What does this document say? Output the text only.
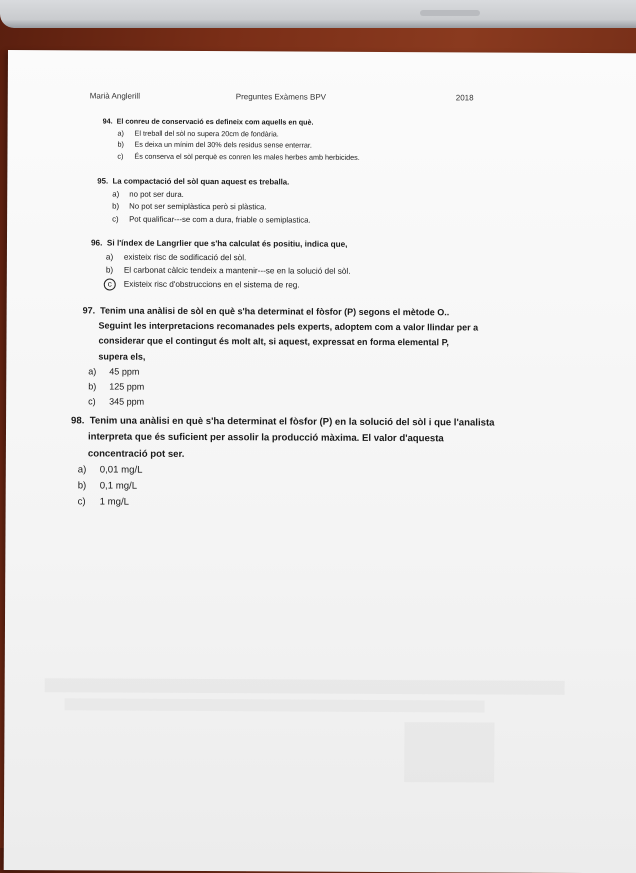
Marià Anglerill	Preguntes Exàmens BPV	2018
94. El conreu de conservació es defineix com aquells en què.
a)	El treball del sòl no supera 20cm de fondària.
b)	Es deixa un mínim del 30% dels residus sense enterrar.
c)	És conserva el sòl perquè es conren les males herbes amb herbicides.
95. La compactació del sòl quan aquest es treballa.
a)	no pot ser dura.
b)	No pot ser semiplàstica però si plàstica.
c)	Pot qualificar---se com a dura, friable o semiplastica.
96. Si l'índex de Langrlier que s'ha calculat és positiu, indica que,
a)	existeix risc de sodificació del sòl.
b)	El carbonat càlcic tendeix a mantenir---se en la solució del sòl.
c	Existeix risc d'obstruccions en el sistema de reg.
97. Tenim una anàlisi de sòl en què s'ha determinat el fòsfor (P) segons el mètode O..
Seguint les interpretacions recomanades pels experts, adoptem com a valor llindar per a
considerar que el contingut és molt alt, si aquest, expressat en forma elemental P,
supera els,
a)	45 ppm
b)	125 ppm
c)	345 ppm
98. Tenim una anàlisi en què s'ha determinat el fòsfor (P) en la solució del sòl i que l'analista
interpreta que és suficient per assolir la producció màxima. El valor d'aquesta
concentració pot ser.
a)	0,01 mg/L
b)	0,1 mg/L
c)	1 mg/L
